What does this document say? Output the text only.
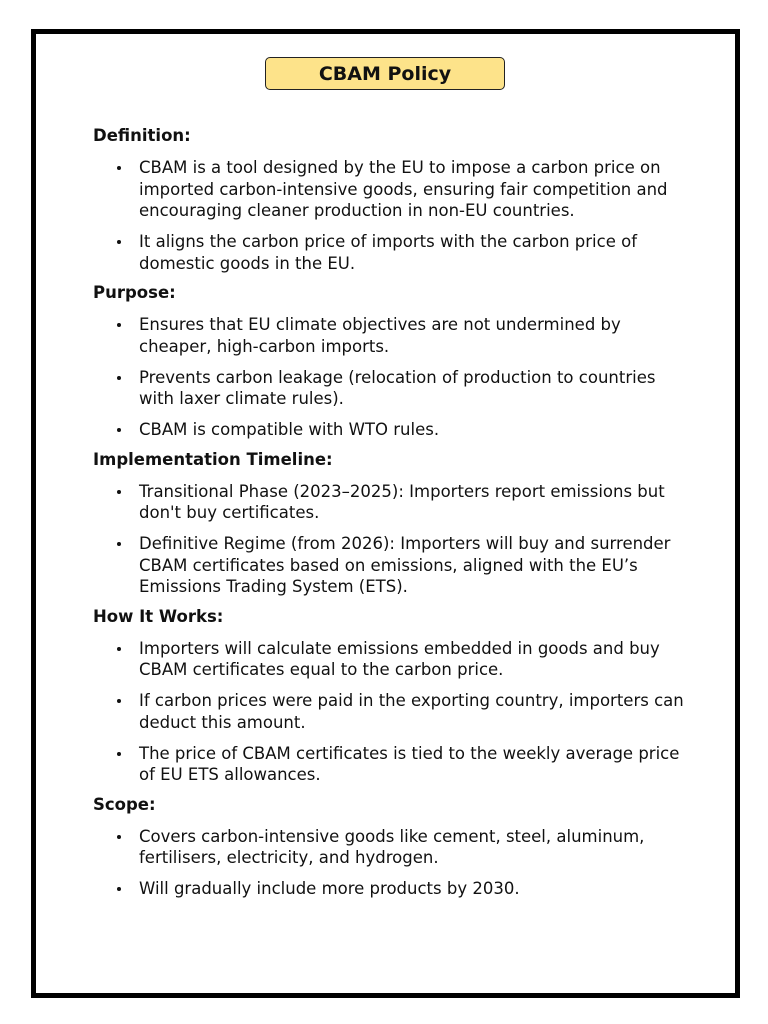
CBAM Policy
Definition:
CBAM is a tool designed by the EU to impose a carbon price on imported carbon-intensive goods, ensuring fair competition and encouraging cleaner production in non-EU countries.
It aligns the carbon price of imports with the carbon price of domestic goods in the EU.
Purpose:
Ensures that EU climate objectives are not undermined by cheaper, high-carbon imports.
Prevents carbon leakage (relocation of production to countries with laxer climate rules).
CBAM is compatible with WTO rules.
Implementation Timeline:
Transitional Phase (2023–2025): Importers report emissions but don't buy certificates.
Definitive Regime (from 2026): Importers will buy and surrender CBAM certificates based on emissions, aligned with the EU’s Emissions Trading System (ETS).
How It Works:
Importers will calculate emissions embedded in goods and buy CBAM certificates equal to the carbon price.
If carbon prices were paid in the exporting country, importers can deduct this amount.
The price of CBAM certificates is tied to the weekly average price of EU ETS allowances.
Scope:
Covers carbon-intensive goods like cement, steel, aluminum, fertilisers, electricity, and hydrogen.
Will gradually include more products by 2030.
